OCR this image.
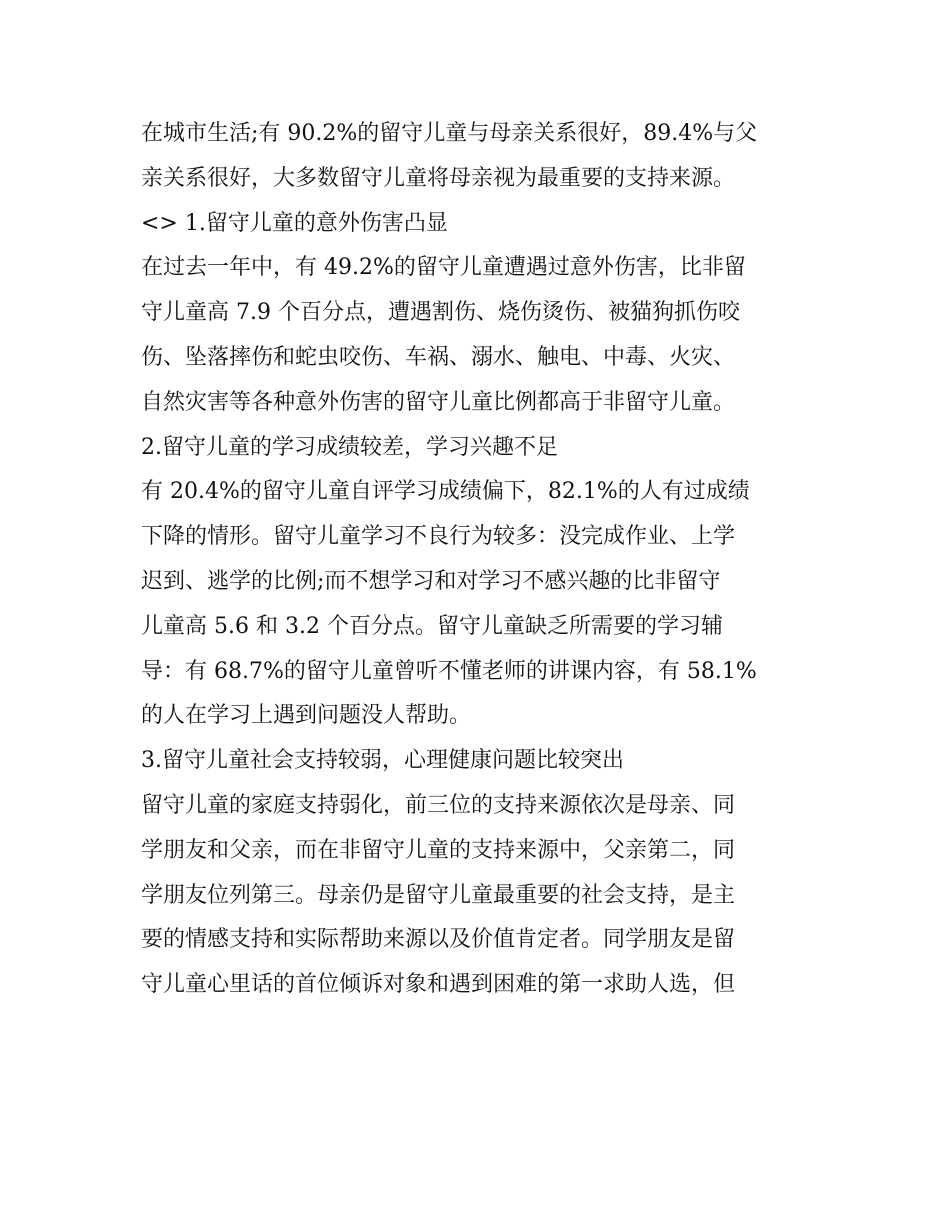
在城市生活;有 90.2%的留守儿童与母亲关系很好，89.4%与父

亲关系很好，大多数留守儿童将母亲视为最重要的支持来源。

<> 1.留守儿童的意外伤害凸显

在过去一年中，有 49.2%的留守儿童遭遇过意外伤害，比非留

守儿童高 7.9 个百分点，遭遇割伤、烧伤烫伤、被猫狗抓伤咬

伤、坠落摔伤和蛇虫咬伤、车祸、溺水、触电、中毒、火灾、

自然灾害等各种意外伤害的留守儿童比例都高于非留守儿童。

2.留守儿童的学习成绩较差，学习兴趣不足

有 20.4%的留守儿童自评学习成绩偏下，82.1%的人有过成绩

下降的情形。留守儿童学习不良行为较多：没完成作业、上学

迟到、逃学的比例;而不想学习和对学习不感兴趣的比非留守

儿童高 5.6 和 3.2 个百分点。留守儿童缺乏所需要的学习辅

导：有 68.7%的留守儿童曾听不懂老师的讲课内容，有 58.1%

的人在学习上遇到问题没人帮助。

3.留守儿童社会支持较弱，心理健康问题比较突出

留守儿童的家庭支持弱化，前三位的支持来源依次是母亲、同

学朋友和父亲，而在非留守儿童的支持来源中，父亲第二，同

学朋友位列第三。母亲仍是留守儿童最重要的社会支持，是主

要的情感支持和实际帮助来源以及价值肯定者。同学朋友是留

守儿童心里话的首位倾诉对象和遇到困难的第一求助人选，但
